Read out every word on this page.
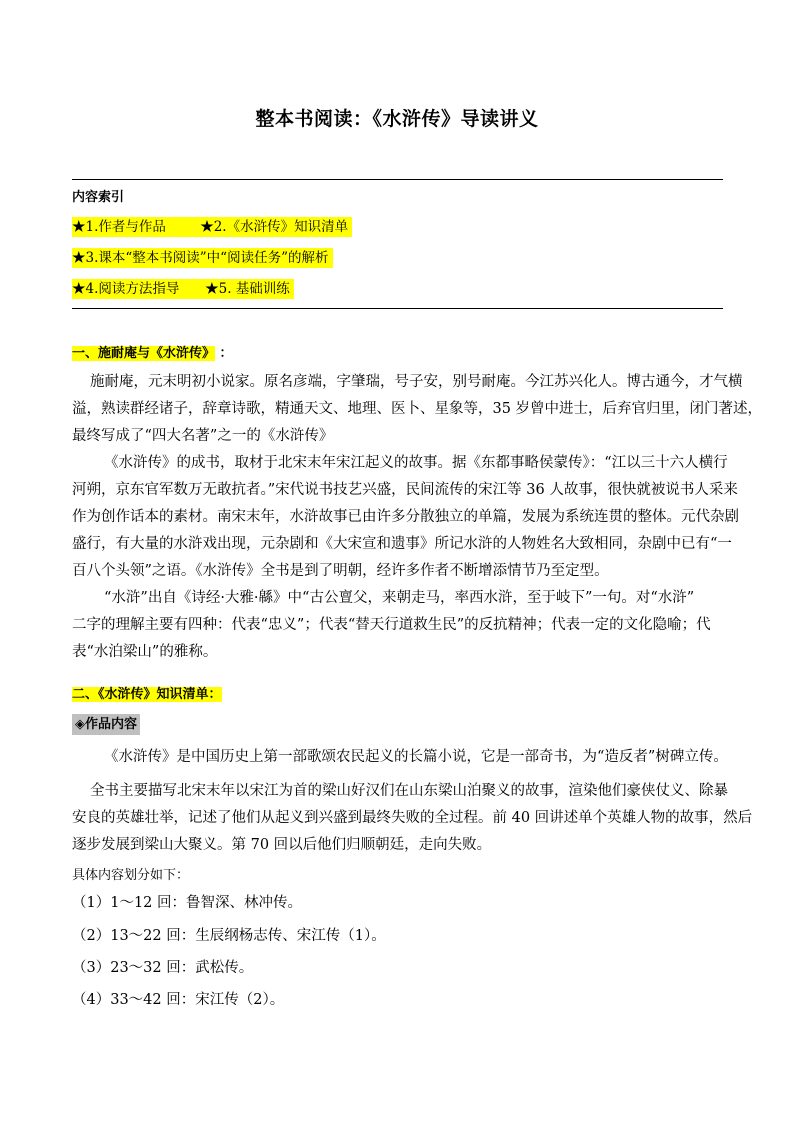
整本书阅读：《水浒传》导读讲义
内容索引
★1.作者与作品        ★2.《水浒传》知识清单
★3.课本“整本书阅读”中“阅读任务”的解析
★4.阅读方法指导      ★5. 基础训练
一、施耐庵与《水浒传》 ：
施耐庵，元末明初小说家。原名彦端，字肇瑞，号子安，别号耐庵。今江苏兴化人。博古通今，才气横
溢，熟读群经诸子，辞章诗歌，精通天文、地理、医卜、星象等，35 岁曾中进士，后弃官归里，闭门著述，
最终写成了“四大名著”之一的《水浒传》
《水浒传》的成书，取材于北宋末年宋江起义的故事。据《东都事略侯蒙传》：“江以三十六人横行
河朔，京东官军数万无敢抗者。”宋代说书技艺兴盛，民间流传的宋江等 36 人故事，很快就被说书人采来
作为创作话本的素材。南宋末年，水浒故事已由许多分散独立的单篇，发展为系统连贯的整体。元代杂剧
盛行，有大量的水浒戏出现，元杂剧和《大宋宣和遗事》所记水浒的人物姓名大致相同，杂剧中已有“一
百八个头领”之语。《水浒传》全书是到了明朝，经许多作者不断增添情节乃至定型。
“水浒”出自《诗经·大雅·緜》中“古公亶父，来朝走马，率西水浒，至于岐下”一句。对“水浒”
二字的理解主要有四种：代表“忠义”；代表“替天行道救生民”的反抗精神；代表一定的文化隐喻；代
表“水泊梁山”的雅称。
二、《水浒传》知识清单：
◈作品内容
《水浒传》是中国历史上第一部歌颂农民起义的长篇小说，它是一部奇书，为“造反者”树碑立传。
全书主要描写北宋末年以宋江为首的梁山好汉们在山东梁山泊聚义的故事，渲染他们豪侠仗义、除暴
安良的英雄壮举，记述了他们从起义到兴盛到最终失败的全过程。前 40 回讲述单个英雄人物的故事，然后
逐步发展到梁山大聚义。第 70 回以后他们归顺朝廷，走向失败。
具体内容划分如下：
（1）1～12 回：鲁智深、林冲传。
（2）13～22 回：生辰纲杨志传、宋江传（1）。
（3）23～32 回：武松传。
（4）33～42 回：宋江传（2）。
